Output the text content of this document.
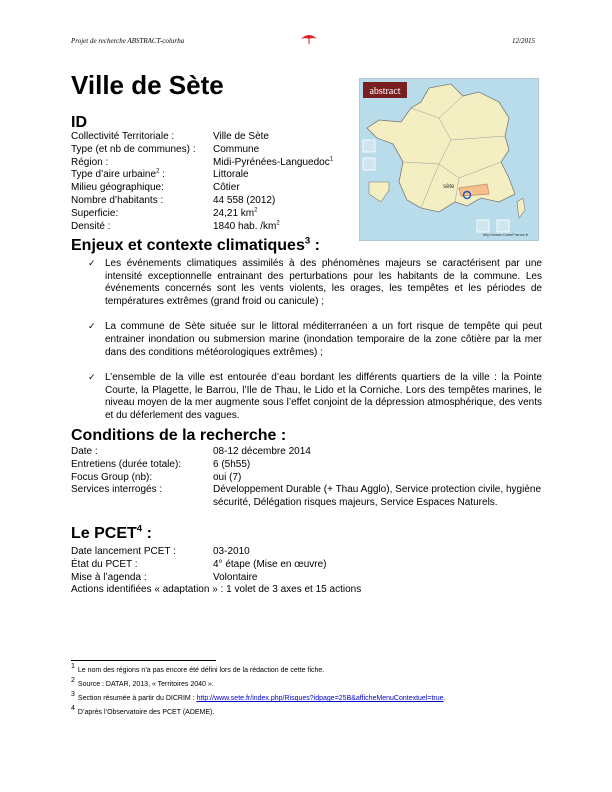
Projet de recherche ABSTRACT-colurba	12/2015
Ville de Sète	abstract
sète
http://www.CarteFrance.fr
ID
Collectivité Territoriale :	Ville de Sète
Type (et nb de communes) :	Commune
Région :	Midi-Pyrénées-Languedoc$^1$
Type d’aire urbaine$^2$ :	Littorale
Milieu géographique:	Côtier
Nombre d’habitants :	44 558 (2012)
Superficie:	24,21 $km^2$
Densité :	1840 hab. $/km^2$
Enjeux et contexte climatiques$^3$ :
✓ Les événements climatiques assimilés à des phénomènes majeurs se caractérisent par une intensité exceptionnelle entrainant des perturbations pour les habitants de la commune. Les événements concernés sont les vents violents, les orages, les tempêtes et les périodes de températures extrêmes (grand froid ou canicule) ;
✓ La commune de Sète située sur le littoral méditerranéen a un fort risque de tempête qui peut entrainer inondation ou submersion marine (inondation temporaire de la zone côtière par la mer dans des conditions météorologiques extrêmes) ;
✓ L’ensemble de la ville est entourée d’eau bordant les différents quartiers de la ville : la Pointe Courte, la Plagette, le Barrou, l’Ile de Thau, le Lido et la Corniche. Lors des tempêtes marines, le niveau moyen de la mer augmente sous l’effet conjoint de la dépression atmosphérique, des vents et du déferlement des vagues.
Conditions de la recherche :
Date :	08-12 décembre 2014
Entretiens (durée totale):	6 (5h55)
Focus Group (nb):	oui (7)
Services interrogés :	Développement Durable (+ Thau Agglo), Service protection civile, hygiène sécurité, Délégation risques majeurs, Service Espaces Naturels.
Le PCET$^4$ :
Date lancement PCET :	03-2010
État du PCET :	4° étape (Mise en œuvre)
Mise à l’agenda :	Volontaire
Actions identifiées « adaptation » : 1 volet de 3 axes et 15 actions
1Le nom des régions n’a pas encore été défini lors de la rédaction de cette fiche.
2Source : DATAR, 2013, « Territoires 2040 ».
3Section résumée à partir du DICRIM : http://www.sete.fr/index.php/Risques?idpage=25B&afficheMenuContextuel=true.
4D’après l’Observatoire des PCET (ADEME).
